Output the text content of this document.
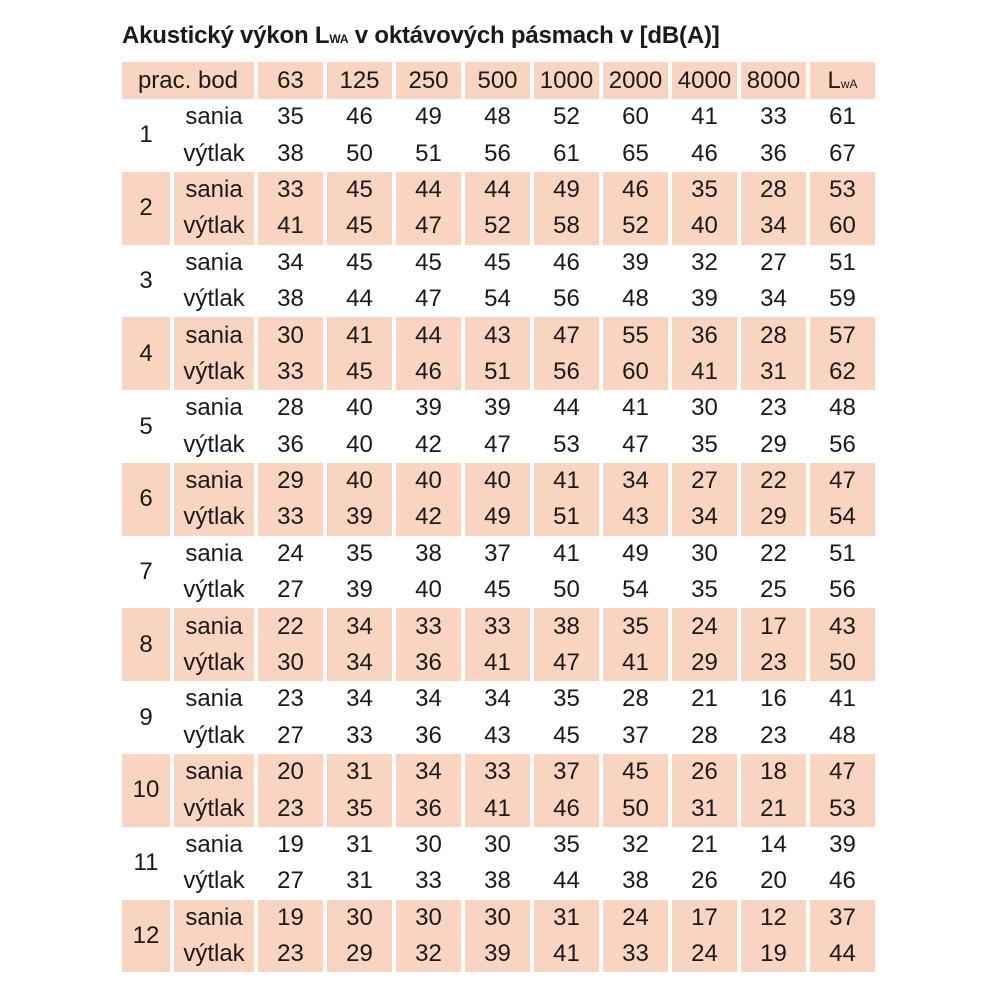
Akustický výkon LWA v oktávových pásmach v [dB(A)]
prac. bod		63	125	250	500	1000	2000	4000	8000	LwA
1	sania	35	46	49	48	52	60	41	33	61
	výtlak	38	50	51	56	61	65	46	36	67
2	sania	33	45	44	44	49	46	35	28	53
	výtlak	41	45	47	52	58	52	40	34	60
3	sania	34	45	45	45	46	39	32	27	51
	výtlak	38	44	47	54	56	48	39	34	59
4	sania	30	41	44	43	47	55	36	28	57
	výtlak	33	45	46	51	56	60	41	31	62
5	sania	28	40	39	39	44	41	30	23	48
	výtlak	36	40	42	47	53	47	35	29	56
6	sania	29	40	40	40	41	34	27	22	47
	výtlak	33	39	42	49	51	43	34	29	54
7	sania	24	35	38	37	41	49	30	22	51
	výtlak	27	39	40	45	50	54	35	25	56
8	sania	22	34	33	33	38	35	24	17	43
	výtlak	30	34	36	41	47	41	29	23	50
9	sania	23	34	34	34	35	28	21	16	41
	výtlak	27	33	36	43	45	37	28	23	48
10	sania	20	31	34	33	37	45	26	18	47
	výtlak	23	35	36	41	46	50	31	21	53
11	sania	19	31	30	30	35	32	21	14	39
	výtlak	27	31	33	38	44	38	26	20	46
12	sania	19	30	30	30	31	24	17	12	37
	výtlak	23	29	32	39	41	33	24	19	44
